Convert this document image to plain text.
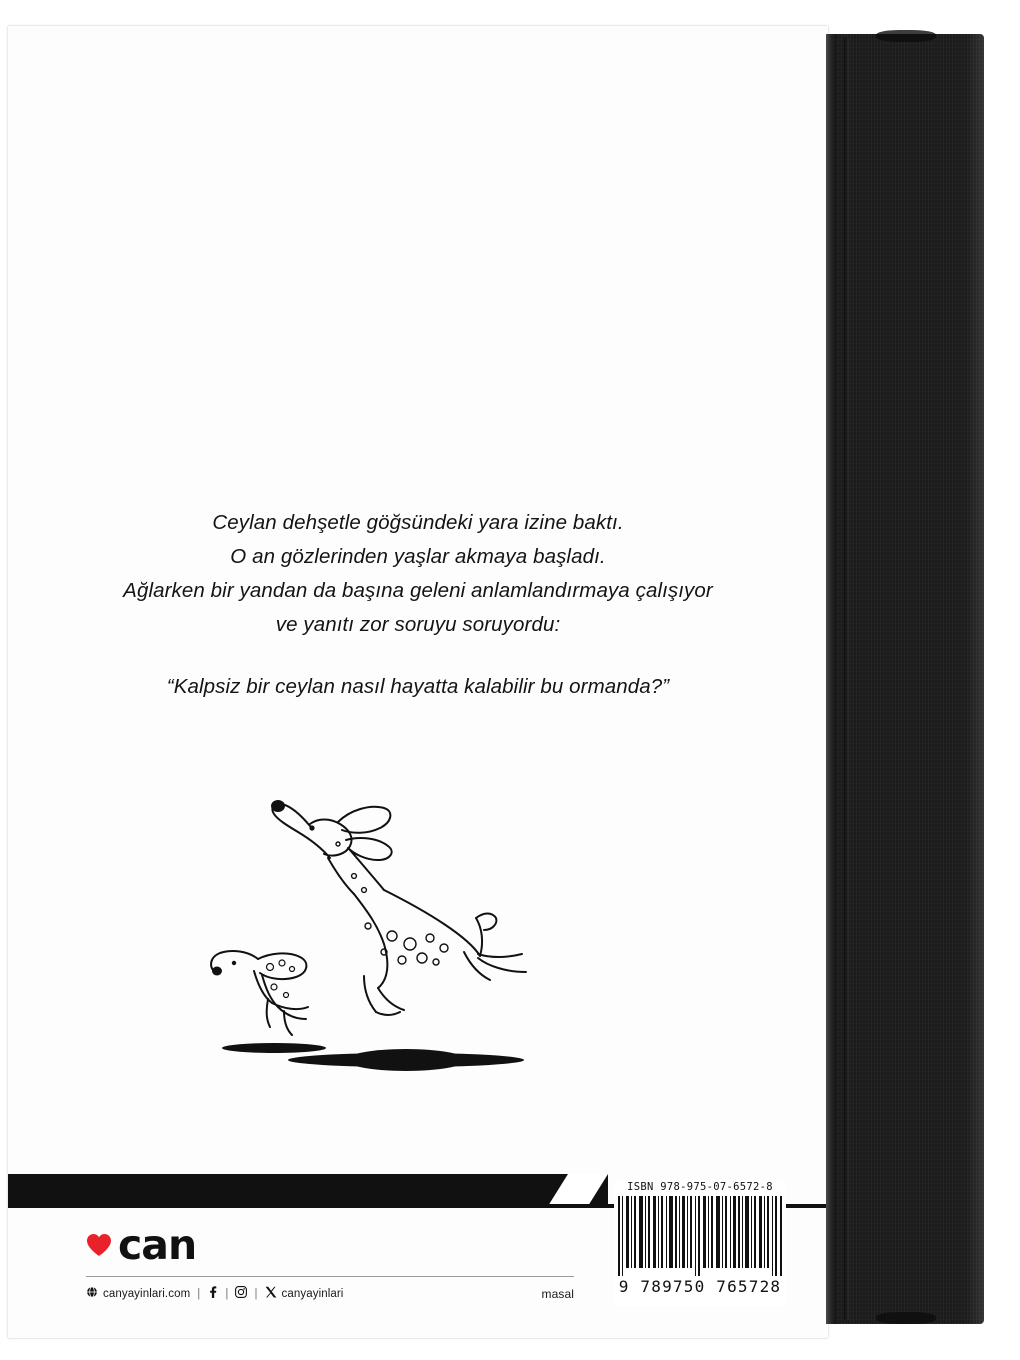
Ceylan dehşetle göğsündeki yara izine baktı.
O an gözlerinden yaşlar akmaya başladı.
Ağlarken bir yandan da başına geleni anlamlandırmaya çalışıyor
ve yanıtı zor soruyu soruyordu:
“Kalpsiz bir ceylan nasıl hayatta kalabilir bu ormanda?”
can
canyayinlari.com | | | canyayinlari	masal
ISBN 978-975-07-6572-8
9 789750 765728
